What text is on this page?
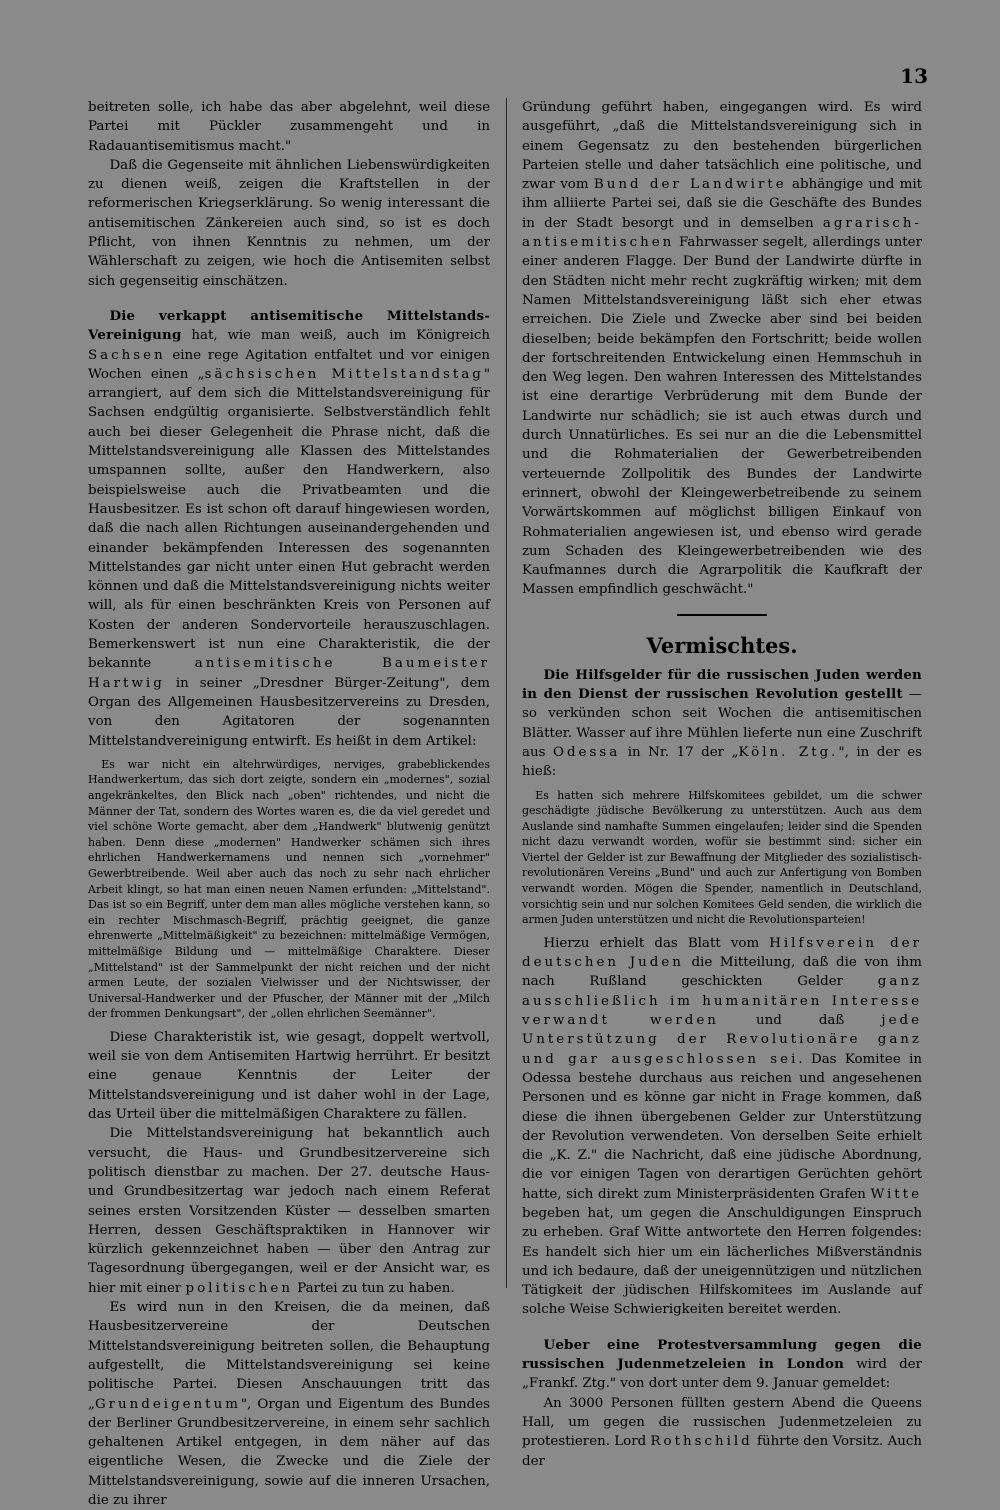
13

beitreten solle, ich habe das aber abgelehnt, weil diese Partei mit Pückler zusammengeht und in Radauantisemitismus macht."

Daß die Gegenseite mit ähnlichen Liebenswürdigkeiten zu dienen weiß, zeigen die Kraftstellen in der reformerischen Kriegserklärung. So wenig interessant die antisemitischen Zänkereien auch sind, so ist es doch Pflicht, von ihnen Kenntnis zu nehmen, um der Wählerschaft zu zeigen, wie hoch die Antisemiten selbst sich gegenseitig einschätzen.

Die verkappt antisemitische Mittelstands-Vereinigung hat, wie man weiß, auch im Königreich Sachsen eine rege Agitation entfaltet und vor einigen Wochen einen „sächsischen Mittelstandstag" arrangiert, auf dem sich die Mittelstandsvereinigung für Sachsen endgültig organisierte. Selbstverständlich fehlt auch bei dieser Gelegenheit die Phrase nicht, daß die Mittelstandsvereinigung alle Klassen des Mittelstandes umspannen sollte, außer den Handwerkern, also beispielsweise auch die Privatbeamten und die Hausbesitzer. Es ist schon oft darauf hingewiesen worden, daß die nach allen Richtungen auseinandergehenden und einander bekämpfenden Interessen des sogenannten Mittelstandes gar nicht unter einen Hut gebracht werden können und daß die Mittelstandsvereinigung nichts weiter will, als für einen beschränkten Kreis von Personen auf Kosten der anderen Sondervorteile herauszuschlagen. Bemerkenswert ist nun eine Charakteristik, die der bekannte antisemitische Baumeister Hartwig in seiner „Dresdner Bürger-Zeitung", dem Organ des Allgemeinen Hausbesitzervereins zu Dresden, von den Agitatoren der sogenannten Mittelstandvereinigung entwirft. Es heißt in dem Artikel:

Es war nicht ein altehrwürdiges, nerviges, grabeblickendes Handwerkertum, das sich dort zeigte, sondern ein „modernes", sozial angekränkeltes, den Blick nach „oben" richtendes, und nicht die Männer der Tat, sondern des Wortes waren es, die da viel geredet und viel schöne Worte gemacht, aber dem „Handwerk" blutwenig genützt haben. Denn diese „modernen" Handwerker schämen sich ihres ehrlichen Handwerkernamens und nennen sich „vornehmer" Gewerbtreibende. Weil aber auch das noch zu sehr nach ehrlicher Arbeit klingt, so hat man einen neuen Namen erfunden: „Mittelstand". Das ist so ein Begriff, unter dem man alles mögliche verstehen kann, so ein rechter Mischmasch-Begriff, prächtig geeignet, die ganze ehrenwerte „Mittelmäßigkeit" zu bezeichnen: mittelmäßige Vermögen, mittelmäßige Bildung und — mittelmäßige Charaktere. Dieser „Mittelstand" ist der Sammelpunkt der nicht reichen und der nicht armen Leute, der sozialen Vielwisser und der Nichtswisser, der Universal-Handwerker und der Pfuscher, der Männer mit der „Milch der frommen Denkungsart", der „ollen ehrlichen Seemänner".

Diese Charakteristik ist, wie gesagt, doppelt wertvoll, weil sie von dem Antisemiten Hartwig herrührt. Er besitzt eine genaue Kenntnis der Leiter der Mittelstandsvereinigung und ist daher wohl in der Lage, das Urteil über die mittelmäßigen Charaktere zu fällen.

Die Mittelstandsvereinigung hat bekanntlich auch versucht, die Haus- und Grundbesitzervereine sich politisch dienstbar zu machen. Der 27. deutsche Haus- und Grundbesitzertag war jedoch nach einem Referat seines ersten Vorsitzenden Küster — desselben smarten Herren, dessen Geschäftspraktiken in Hannover wir kürzlich gekennzeichnet haben — über den Antrag zur Tagesordnung übergegangen, weil er der Ansicht war, es hier mit einer politischen Partei zu tun zu haben.

Es wird nun in den Kreisen, die da meinen, daß Hausbesitzervereine der Deutschen Mittelstandsvereinigung beitreten sollen, die Behauptung aufgestellt, die Mittelstandsvereinigung sei keine politische Partei. Diesen Anschauungen tritt das „Grundeigentum", Organ und Eigentum des Bundes der Berliner Grundbesitzervereine, in einem sehr sachlich gehaltenen Artikel entgegen, in dem näher auf das eigentliche Wesen, die Zwecke und die Ziele der Mittelstandsvereinigung, sowie auf die inneren Ursachen, die zu ihrer

Gründung geführt haben, eingegangen wird. Es wird ausgeführt, „daß die Mittelstandsvereinigung sich in einem Gegensatz zu den bestehenden bürgerlichen Parteien stelle und daher tatsächlich eine politische, und zwar vom Bund der Landwirte abhängige und mit ihm alliierte Partei sei, daß sie die Geschäfte des Bundes in der Stadt besorgt und in demselben agrarisch-antisemitischen Fahrwasser segelt, allerdings unter einer anderen Flagge. Der Bund der Landwirte dürfte in den Städten nicht mehr recht zugkräftig wirken; mit dem Namen Mittelstandsvereinigung läßt sich eher etwas erreichen. Die Ziele und Zwecke aber sind bei beiden dieselben; beide bekämpfen den Fortschritt; beide wollen der fortschreitenden Entwickelung einen Hemmschuh in den Weg legen. Den wahren Interessen des Mittelstandes ist eine derartige Verbrüderung mit dem Bunde der Landwirte nur schädlich; sie ist auch etwas durch und durch Unnatürliches. Es sei nur an die die Lebensmittel und die Rohmaterialien der Gewerbetreibenden verteuernde Zollpolitik des Bundes der Landwirte erinnert, obwohl der Kleingewerbetreibende zu seinem Vorwärtskommen auf möglichst billigen Einkauf von Rohmaterialien angewiesen ist, und ebenso wird gerade zum Schaden des Kleingewerbetreibenden wie des Kaufmannes durch die Agrarpolitik die Kaufkraft der Massen empfindlich geschwächt."

Vermischtes.

Die Hilfsgelder für die russischen Juden werden in den Dienst der russischen Revolution gestellt — so verkünden schon seit Wochen die antisemitischen Blätter. Wasser auf ihre Mühlen lieferte nun eine Zuschrift aus Odessa in Nr. 17 der „Köln. Ztg.", in der es hieß:

Es hatten sich mehrere Hilfskomitees gebildet, um die schwer geschädigte jüdische Bevölkerung zu unterstützen. Auch aus dem Auslande sind namhafte Summen eingelaufen; leider sind die Spenden nicht dazu verwandt worden, wofür sie bestimmt sind: sicher ein Viertel der Gelder ist zur Bewaffnung der Mitglieder des sozialistisch-revolutionären Vereins „Bund" und auch zur Anfertigung von Bomben verwandt worden. Mögen die Spender, namentlich in Deutschland, vorsichtig sein und nur solchen Komitees Geld senden, die wirklich die armen Juden unterstützen und nicht die Revolutionsparteien!

Hierzu erhielt das Blatt vom Hilfsverein der deutschen Juden die Mitteilung, daß die von ihm nach Rußland geschickten Gelder ganz ausschließlich im humanitären Interesse verwandt werden und daß jede Unterstützung der Revolutionäre ganz und gar ausgeschlossen sei. Das Komitee in Odessa bestehe durchaus aus reichen und angesehenen Personen und es könne gar nicht in Frage kommen, daß diese die ihnen übergebenen Gelder zur Unterstützung der Revolution verwendeten. Von derselben Seite erhielt die „K. Z." die Nachricht, daß eine jüdische Abordnung, die vor einigen Tagen von derartigen Gerüchten gehört hatte, sich direkt zum Ministerpräsidenten Grafen Witte begeben hat, um gegen die Anschuldigungen Einspruch zu erheben. Graf Witte antwortete den Herren folgendes: Es handelt sich hier um ein lächerliches Mißverständnis und ich bedaure, daß der uneigennützigen und nützlichen Tätigkeit der jüdischen Hilfskomitees im Auslande auf solche Weise Schwierigkeiten bereitet werden.

Ueber eine Protestversammlung gegen die russischen Judenmetzeleien in London wird der „Frankf. Ztg." von dort unter dem 9. Januar gemeldet:

An 3000 Personen füllten gestern Abend die Queens Hall, um gegen die russischen Judenmetzeleien zu protestieren. Lord Rothschild führte den Vorsitz. Auch der
